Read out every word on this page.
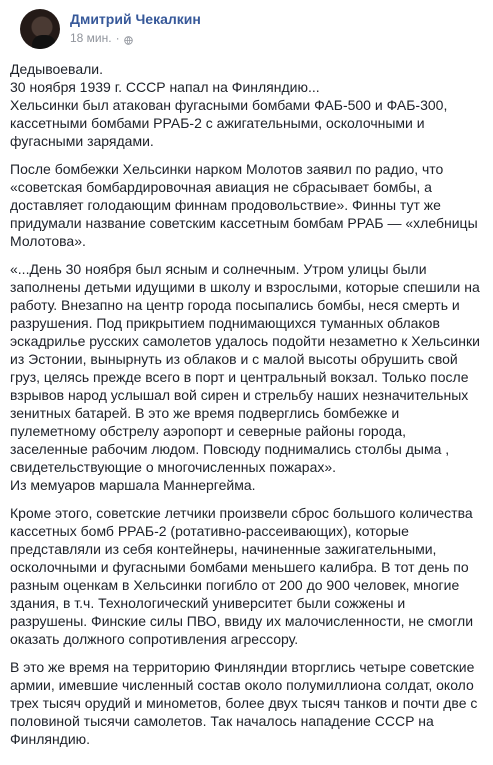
Дмитрий Чекалкин
18 мин. ·

Дедывоевали.
30 ноября 1939 г. СССР напал на Финляндию...
Хельсинки был атакован фугасными бомбами ФАБ-500 и ФАБ-300,
кассетными бомбами РРАБ-2 с ажигательными, осколочными и
фугасными зарядами.

После бомбежки Хельсинки нарком Молотов заявил по радио, что
«советская бомбардировочная авиация не сбрасывает бомбы, а
доставляет голодающим финнам продовольствие». Финны тут же
придумали название советским кассетным бомбам РРАБ — «хлебницы
Молотова».

«...День 30 ноября был ясным и солнечным. Утром улицы были
заполнены детьми идущими в школу и взрослыми, которые спешили на
работу. Внезапно на центр города посыпались бомбы, неся смерть и
разрушения. Под прикрытием поднимающихся туманных облаков
эскадрилье русских самолетов удалось подойти незаметно к Хельсинки
из Эстонии, вынырнуть из облаков и с малой высоты обрушить свой
груз, целясь прежде всего в порт и центральный вокзал. Только после
взрывов народ услышал вой сирен и стрельбу наших незначительных
зенитных батарей. В это же время подверглись бомбежке и
пулеметному обстрелу аэропорт и северные районы города,
заселенные рабочим людом. Повсюду поднимались столбы дыма ,
свидетельствующие о многочисленных пожарах».
Из мемуаров маршала Маннергейма.

Кроме этого, советские летчики произвели сброс большого количества
кассетных бомб РРАБ-2 (ротативно-рассеивающих), которые
представляли из себя контейнеры, начиненные зажигательными,
осколочными и фугасными бомбами меньшего калибра. В тот день по
разным оценкам в Хельсинки погибло от 200 до 900 человек, многие
здания, в т.ч. Технологический университет были сожжены и
разрушены. Финские силы ПВО, ввиду их малочисленности, не смогли
оказать должного сопротивления агрессору.

В это же время на территорию Финляндии вторглись четыре советские
армии, имевшие численный состав около полумиллиона солдат, около
трех тысяч орудий и минометов, более двух тысяч танков и почти две с
половиной тысячи самолетов. Так началось нападение СССР на
Финляндию.
